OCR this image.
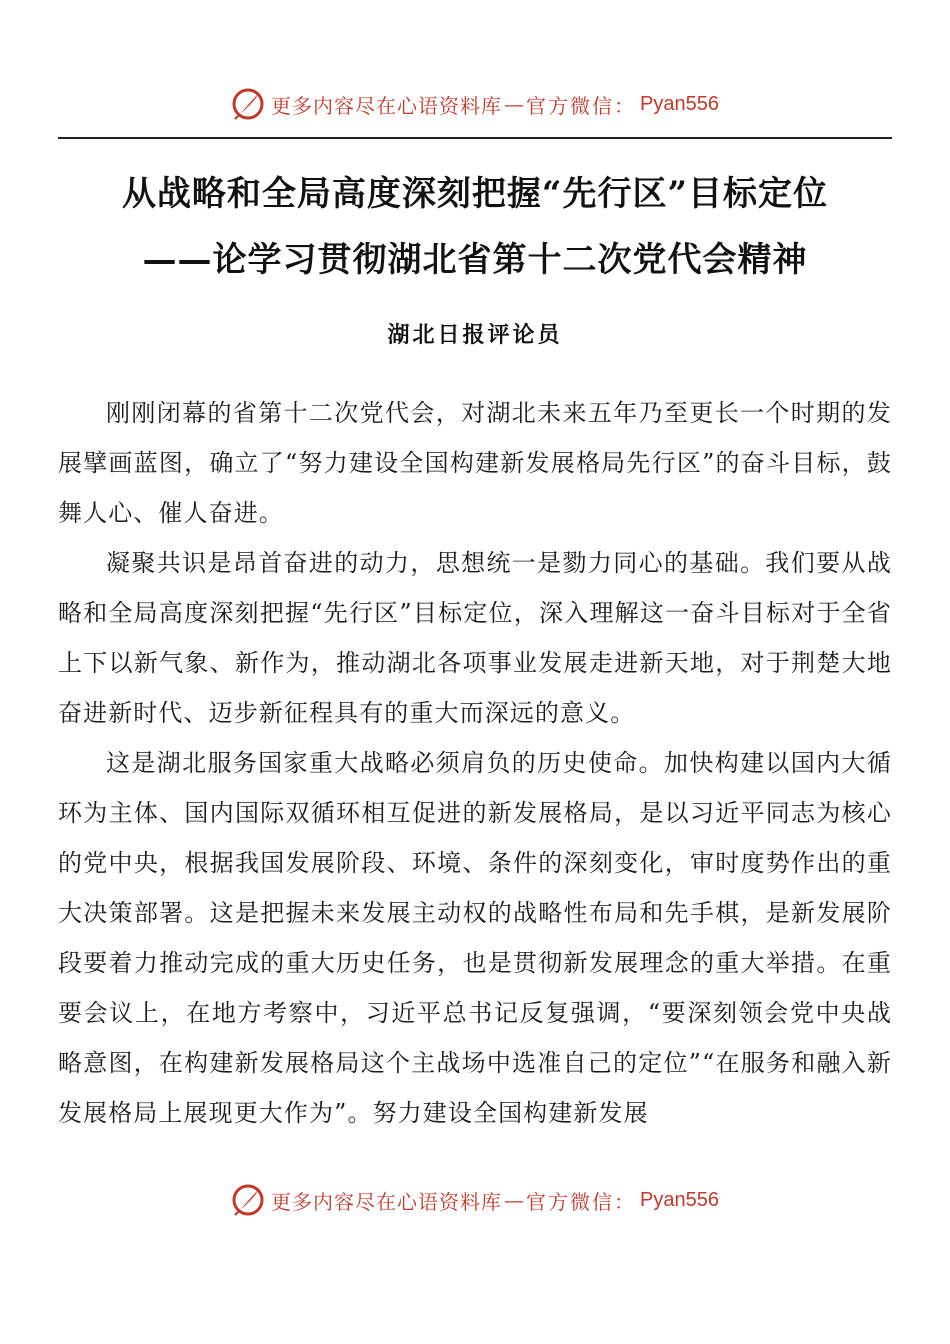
更多内容尽在心语资料库 — 官方微信： Pyan556
从战略和全局高度深刻把握“先行区”目标定位
——论学习贯彻湖北省第十二次党代会精神
湖北日报评论员

刚刚闭幕的省第十二次党代会，对湖北未来五年乃至更长一个时期的发展擘画蓝图，确立了“努力建设全国构建新发展格局先行区”的奋斗目标，鼓舞人心、催人奋进。

凝聚共识是昂首奋进的动力，思想统一是勠力同心的基础。我们要从战略和全局高度深刻把握“先行区”目标定位，深入理解这一奋斗目标对于全省上下以新气象、新作为，推动湖北各项事业发展走进新天地，对于荆楚大地奋进新时代、迈步新征程具有的重大而深远的意义。

这是湖北服务国家重大战略必须肩负的历史使命。加快构建以国内大循环为主体、国内国际双循环相互促进的新发展格局，是以习近平同志为核心的党中央，根据我国发展阶段、环境、条件的深刻变化，审时度势作出的重大决策部署。这是把握未来发展主动权的战略性布局和先手棋，是新发展阶段要着力推动完成的重大历史任务，也是贯彻新发展理念的重大举措。在重要会议上，在地方考察中，习近平总书记反复强调，“要深刻领会党中央战略意图，在构建新发展格局这个主战场中选准自己的定位”“在服务和融入新发展格局上展现更大作为”。努力建设全国构建新发展

更多内容尽在心语资料库 — 官方微信： Pyan556
